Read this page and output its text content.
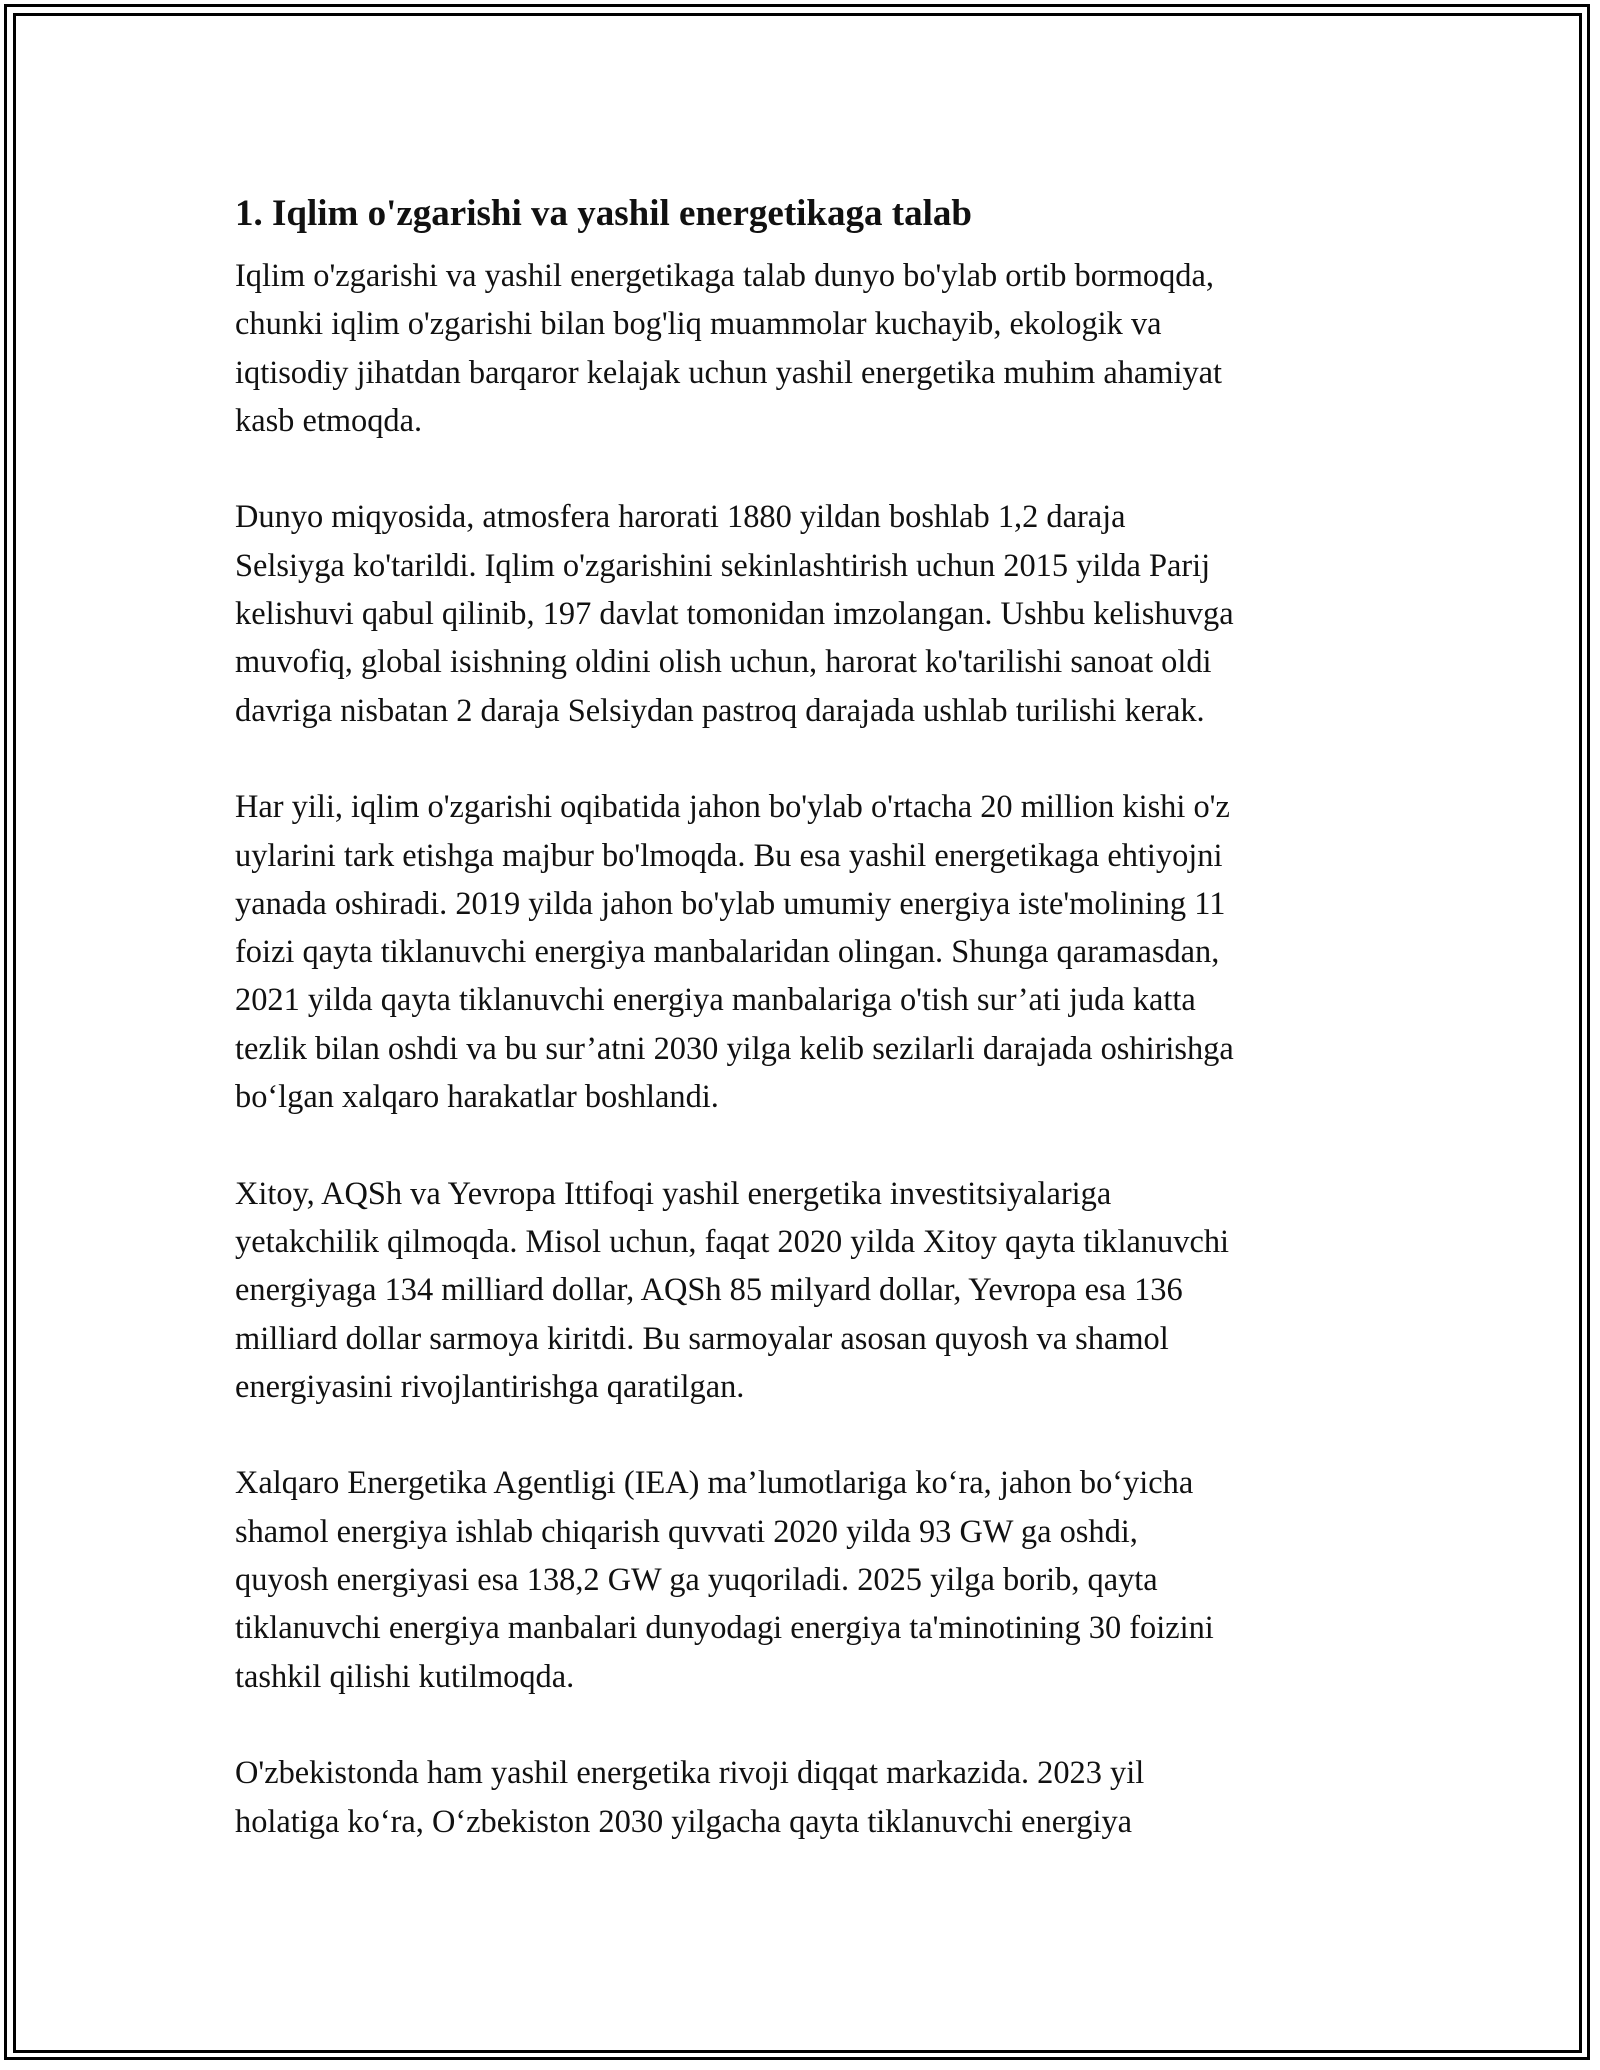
1. Iqlim o'zgarishi va yashil energetikaga talab

Iqlim o'zgarishi va yashil energetikaga talab dunyo bo'ylab ortib bormoqda,
chunki iqlim o'zgarishi bilan bog'liq muammolar kuchayib, ekologik va
iqtisodiy jihatdan barqaror kelajak uchun yashil energetika muhim ahamiyat
kasb etmoqda.

Dunyo miqyosida, atmosfera harorati 1880 yildan boshlab 1,2 daraja
Selsiyga ko'tarildi. Iqlim o'zgarishini sekinlashtirish uchun 2015 yilda Parij
kelishuvi qabul qilinib, 197 davlat tomonidan imzolangan. Ushbu kelishuvga
muvofiq, global isishning oldini olish uchun, harorat ko'tarilishi sanoat oldi
davriga nisbatan 2 daraja Selsiydan pastroq darajada ushlab turilishi kerak.

Har yili, iqlim o'zgarishi oqibatida jahon bo'ylab o'rtacha 20 million kishi o'z
uylarini tark etishga majbur bo'lmoqda. Bu esa yashil energetikaga ehtiyojni
yanada oshiradi. 2019 yilda jahon bo'ylab umumiy energiya iste'molining 11
foizi qayta tiklanuvchi energiya manbalaridan olingan. Shunga qaramasdan,
2021 yilda qayta tiklanuvchi energiya manbalariga o'tish sur’ati juda katta
tezlik bilan oshdi va bu sur’atni 2030 yilga kelib sezilarli darajada oshirishga
boʻlgan xalqaro harakatlar boshlandi.

Xitoy, AQSh va Yevropa Ittifoqi yashil energetika investitsiyalariga
yetakchilik qilmoqda. Misol uchun, faqat 2020 yilda Xitoy qayta tiklanuvchi
energiyaga 134 milliard dollar, AQSh 85 milyard dollar, Yevropa esa 136
milliard dollar sarmoya kiritdi. Bu sarmoyalar asosan quyosh va shamol
energiyasini rivojlantirishga qaratilgan.

Xalqaro Energetika Agentligi (IEA) ma’lumotlariga koʻra, jahon boʻyicha
shamol energiya ishlab chiqarish quvvati 2020 yilda 93 GW ga oshdi,
quyosh energiyasi esa 138,2 GW ga yuqoriladi. 2025 yilga borib, qayta
tiklanuvchi energiya manbalari dunyodagi energiya ta'minotining 30 foizini
tashkil qilishi kutilmoqda.

O'zbekistonda ham yashil energetika rivoji diqqat markazida. 2023 yil
holatiga koʻra, Oʻzbekiston 2030 yilgacha qayta tiklanuvchi energiya
